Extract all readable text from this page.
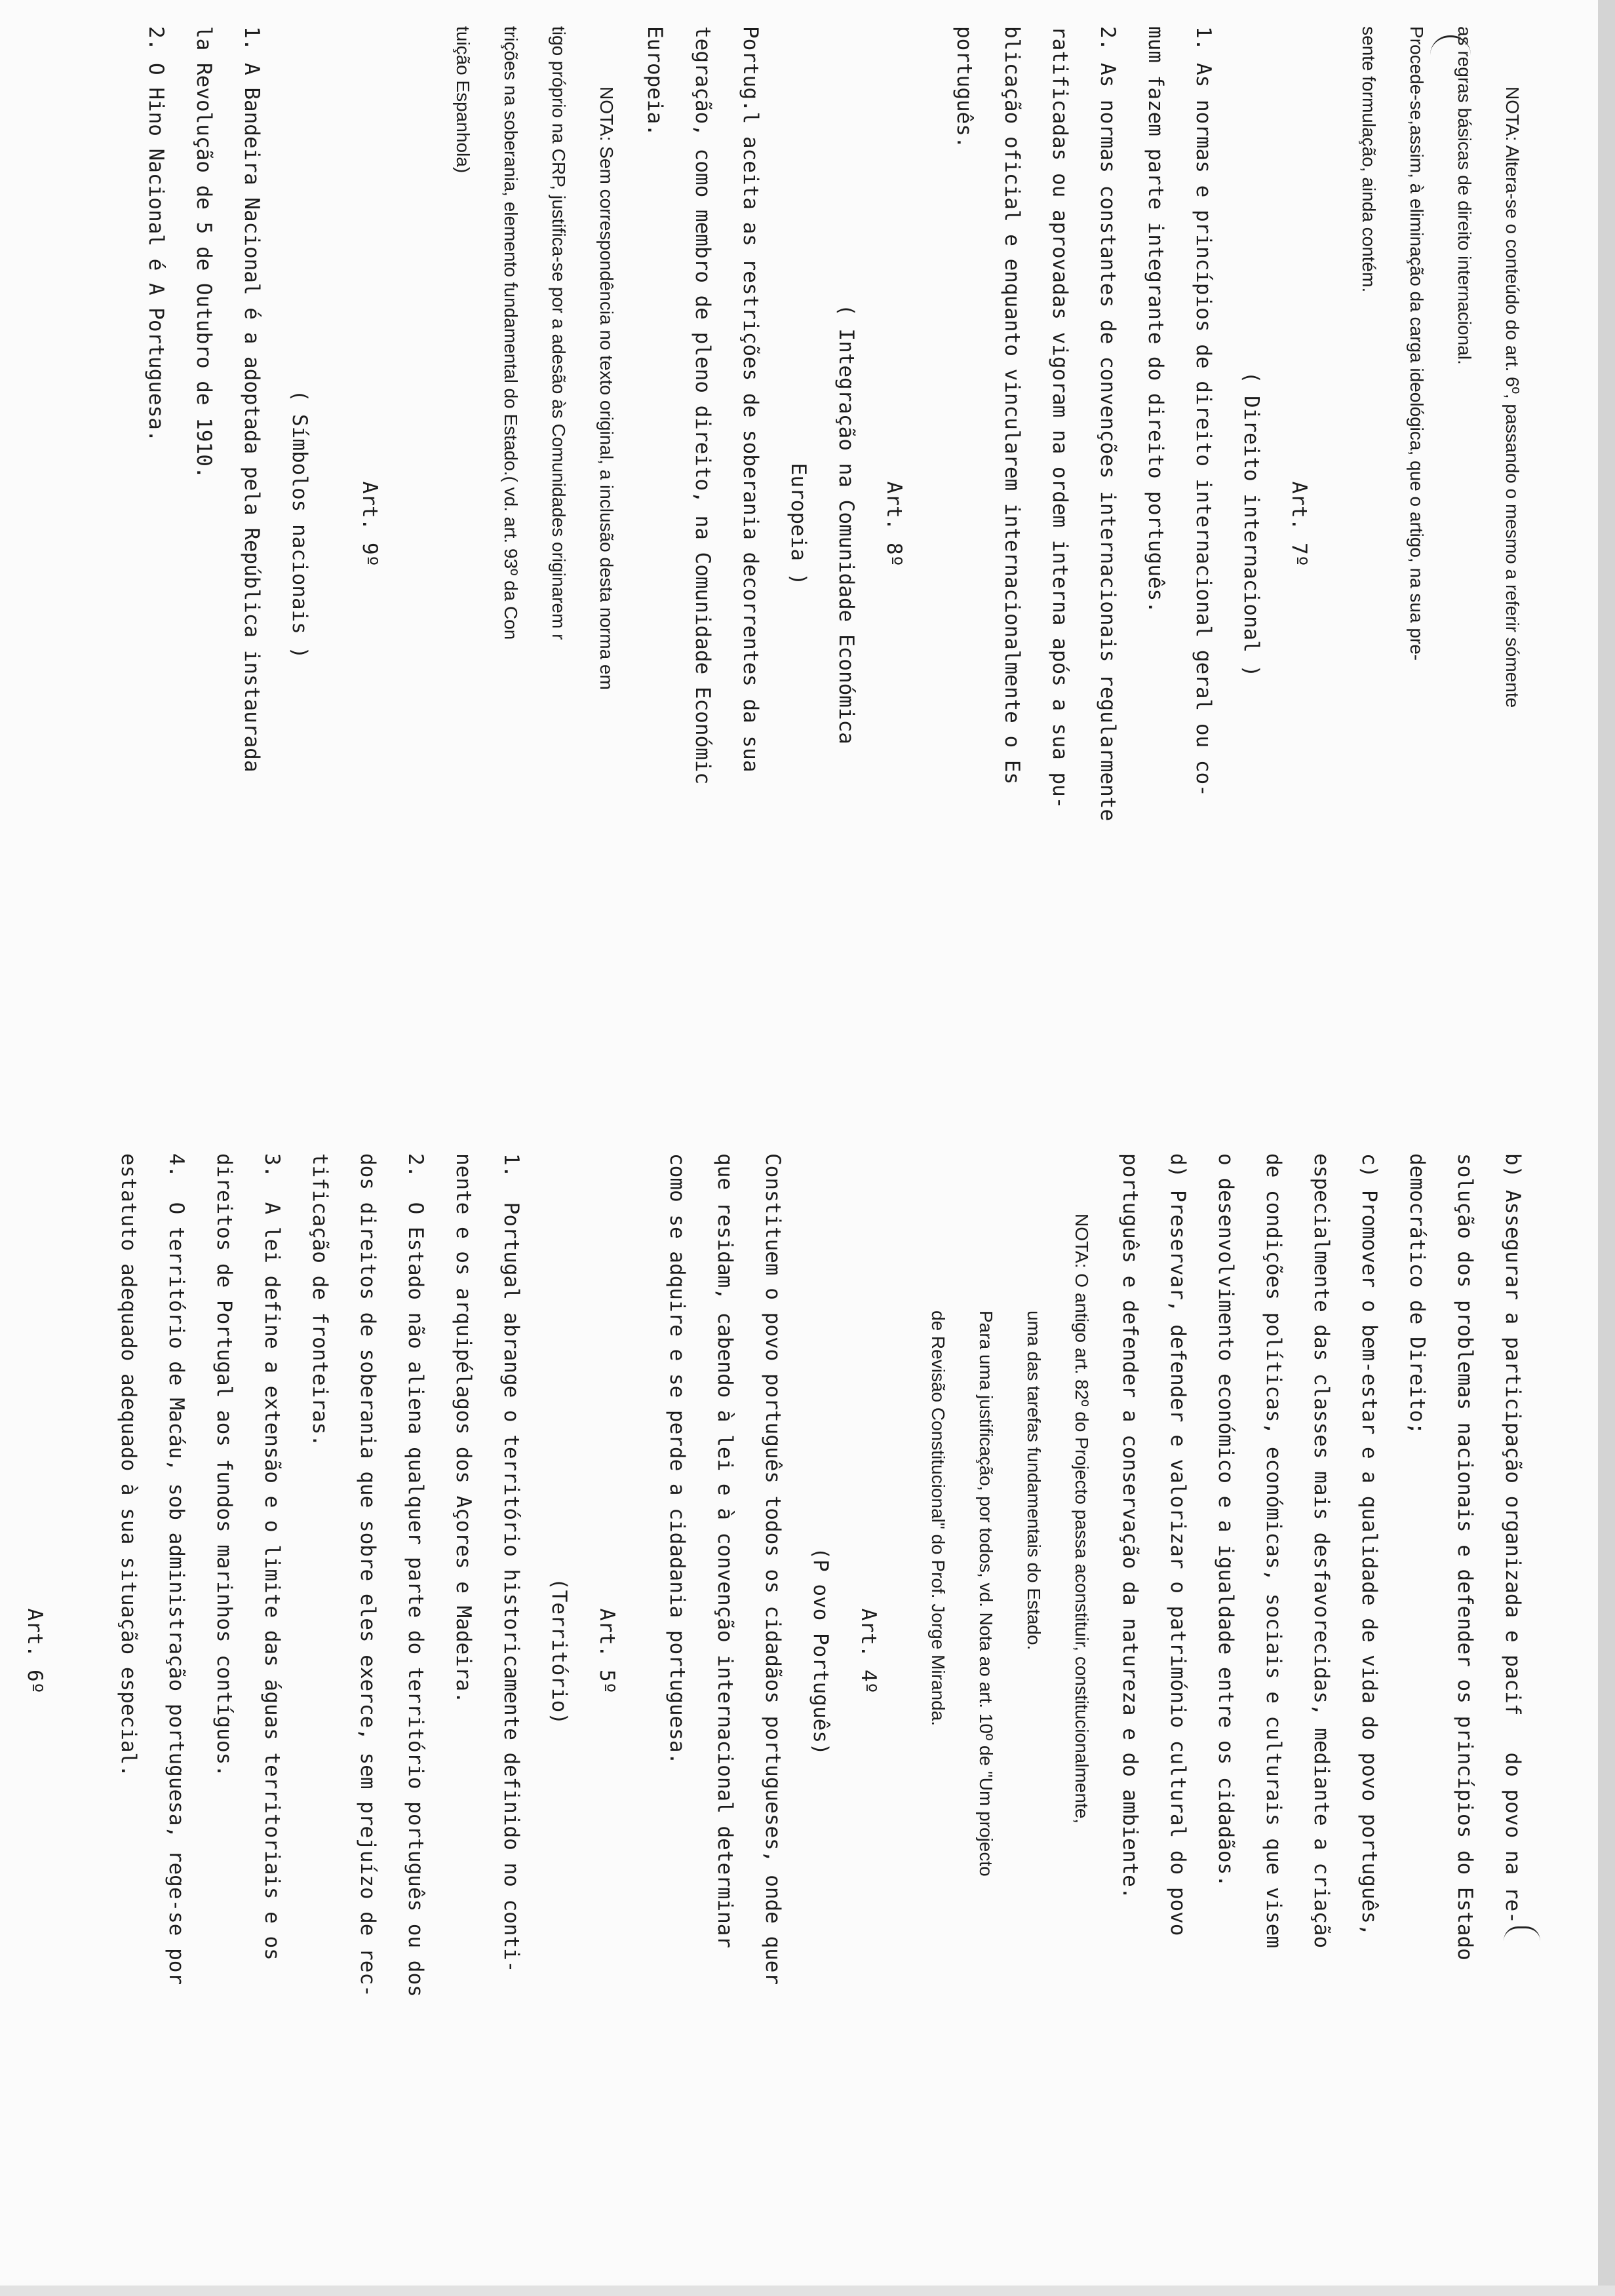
b) Assegurar a participação organizada e pacif   do povo na re-

solução dos problemas nacionais e defender os princípios do Estado

democrático de Direito;

c) Promover o bem-estar e a qualidade de vida do povo português,

especialmente das classes mais desfavorecidas, mediante a criação

de condições políticas, económicas, sociais e culturais que visem

o desenvolvimento económico e a igualdade entre os cidadãos.

d) Preservar, defender e valorizar o património cultural do povo

português e defender a conservação da natureza e do ambiente.

NOTA: O antigo art. 82º do Projecto passa aconstituir, constitucionalmente,

uma das tarefas fundamentais do Estado.

Para uma justificação, por todos, vd. Nota ao art. 10º de "Um projecto

de Revisão Constitucional" do Prof. Jorge Miranda.

Art. 4º

(P ovo Português)

Constituem o povo português todos os cidadãos portugueses, onde quer

que residam, cabendo à lei e à convenção internacional determinar

como se adquire e se perde a cidadania portuguesa.

Art. 5º

(Território)

1.  Portugal abrange o território historicamente definido no conti-

nente e os arquipélagos dos Açores e Madeira.

2.  O Estado não aliena qualquer parte do território português ou dos

dos direitos de soberania que sobre eles exerce, sem prejuízo de rec-

tificação de fronteiras.

3.  A lei define a extensão e o limite das águas territoriais e os

direitos de Portugal aos fundos marinhos contíguos.

4.  O território de Macáu, sob administração portuguesa, rege-se por

estatuto adequado adequado à sua situação especial.

Art. 6º

NOTA: Altera-se o conteúdo do art. 6º, passando o mesmo a referir sómente

as regras básicas de direito internacional.

Procede-se,assim, à eliminação da carga ideológica, que o artigo, na sua pre-

sente formulação, ainda contém.

Art. 7º

( Direito internacional )

1. As normas e princípios de direito internacional geral ou co-

mum fazem parte integrante do direito português.

2. As normas constantes de convenções internacionais regularmente

ratificadas ou aprovadas vigoram na ordem interna após a sua pu-

blicação oficial e enquanto vincularem internacionalmente o Es

português.

Art. 8º

( Integração na Comunidade Económica

Europeia )

Portug.l aceita as restrições de soberania decorrentes da sua

tegração, como membro de pleno direito, na Comunidade Económic

Europeia.

NOTA: Sem correspondência no texto original, a inclusão desta norma em

tigo próprio na CRP, justifica-se por a adesão às Comunidades originarem r

trições na soberania, elemento fundamental do Estado.( vd. art. 93º da Con

tuição Espanhola)

Art. 9º

( Símbolos nacionais )

1. A Bandeira Nacional é a adoptada pela República instaurada

la Revolução de 5 de Outubro de 1910.

2. O Hino Nacional é A Portuguesa.
